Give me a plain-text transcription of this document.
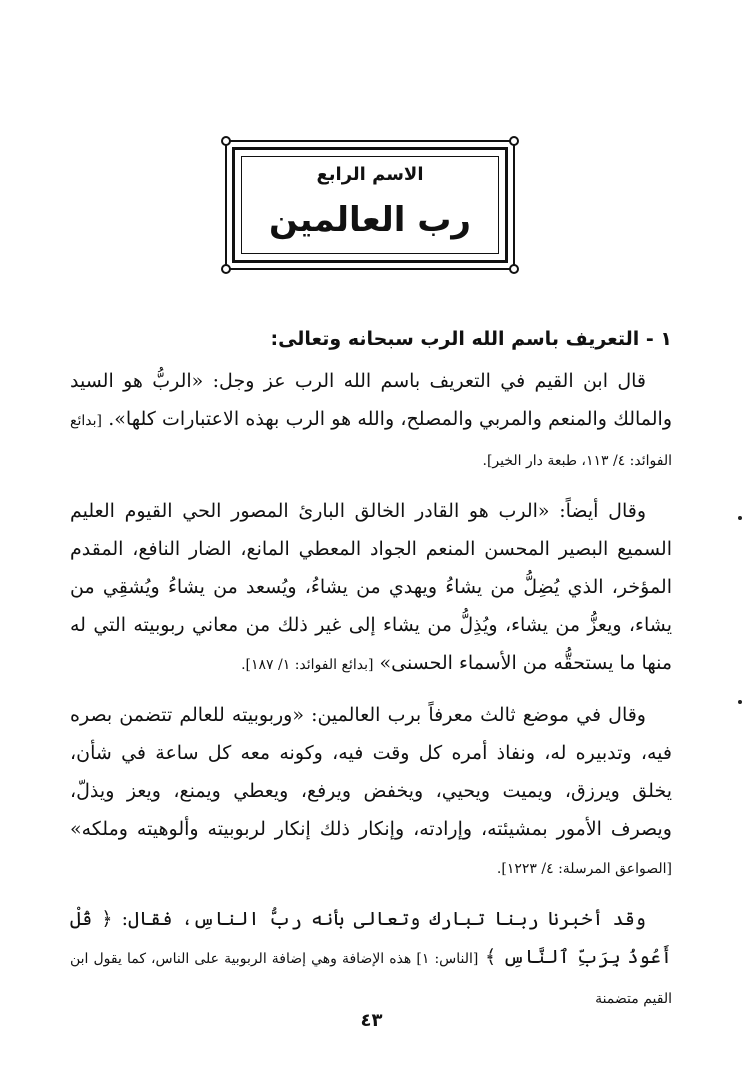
الاسم الرابع
رب العالمين
١ - التعريف باسم الله الرب سبحانه وتعالى:

قال ابن القيم في التعريف باسم الله الرب عز وجل: «الربُّ هو السيد والمالك والمنعم والمربي والمصلح، والله هو الرب بهذه الاعتبارات كلها». [بدائع الفوائد: ٤/ ١١٣، طبعة دار الخير].

وقال أيضاً: «الرب هو القادر الخالق البارئ المصور الحي القيوم العليم السميع البصير المحسن المنعم الجواد المعطي المانع، الضار النافع، المقدم المؤخر، الذي يُضِلُّ من يشاءُ ويهدي من يشاءُ، ويُسعد من يشاءُ ويُشقِي من يشاء، ويعزُّ من يشاء، ويُذِلُّ من يشاء إلى غير ذلك من معاني ربوبيته التي له منها ما يستحقُّه من الأسماء الحسنى» [بدائع الفوائد: ١/ ١٨٧].

وقال في موضع ثالث معرفاً برب العالمين: «وربوبيته للعالم تتضمن بصره فيه، وتدبيره له، ونفاذ أمره كل وقت فيه، وكونه معه كل ساعة في شأن، يخلق ويرزق، ويميت ويحيي، ويخفض ويرفع، ويعطي ويمنع، ويعز ويذلّ، ويصرف الأمور بمشيئته، وإرادته، وإنكار ذلك إنكار لربوبيته وألوهيته وملكه» [الصواعق المرسلة: ٤/ ١٢٢٣].

وقد أخبرنا ربنا تبارك وتعالى بأنه ربُّ الناسِ، فقال: ﴿ قُلْ أَعُوذُ بِرَبِّ ٱلنَّاسِ ﴾ [الناس: ١] هذه الإضافة وهي إضافة الربوبية على الناس، كما يقول ابن القيم متضمنة

٤٣
